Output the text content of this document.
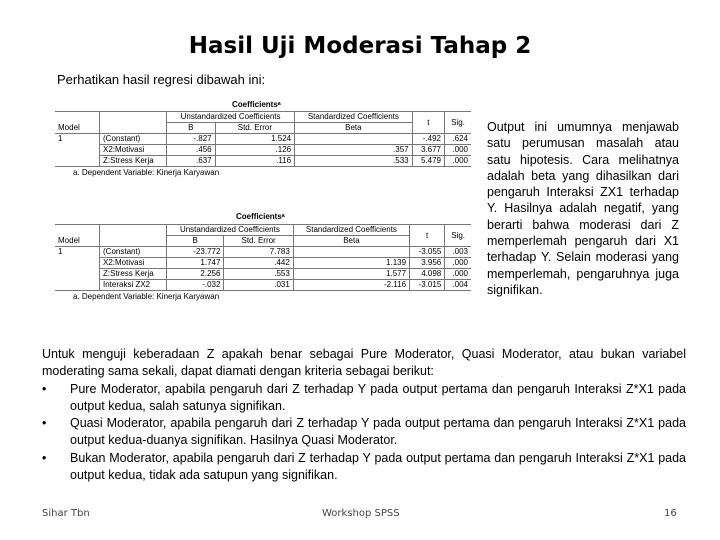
Hasil Uji Moderasi Tahap 2
Perhatikan hasil regresi dibawah ini:
Coefficientsᵃ
Model		Unstandardized Coefficients		Standardized Coefficients	t	Sig.
		B	Std. Error	Beta		
1	(Constant)	-.827	1.524		-.492	.624
	X2:Motivasi	.456	.126	.357	3.677	.000
	Z:Stress Kerja	.637	.116	.533	5.479	.000
a. Dependent Variable: Kinerja Karyawan
Coefficientsᵃ
Model		Unstandardized Coefficients		Standardized Coefficients	t	Sig.
		B	Std. Error	Beta		
1	(Constant)	-23.772	7.783		-3.055	.003
	X2:Motivasi	1.747	.442	1.139	3.956	.000
	Z:Stress Kerja	2.256	.553	1.577	4.098	.000
	Interaksi ZX2	-.032	.031	-2.116	-3.015	.004
a. Dependent Variable: Kinerja Karyawan
Output ini umumnya menjawab satu perumusan masalah atau satu hipotesis. Cara melihatnya adalah beta yang dihasilkan dari pengaruh Interaksi ZX1 terhadap Y. Hasilnya adalah negatif, yang berarti bahwa moderasi dari Z memperlemah pengaruh dari X1 terhadap Y. Selain moderasi yang memperlemah, pengaruhnya juga signifikan.

Untuk menguji keberadaan Z apakah benar sebagai Pure Moderator, Quasi Moderator, atau bukan variabel moderating sama sekali, dapat diamati dengan kriteria sebagai berikut:

•	Pure Moderator, apabila pengaruh dari Z terhadap Y pada output pertama dan pengaruh Interaksi Z*X1 pada output kedua, salah satunya signifikan.
•	Quasi Moderator, apabila pengaruh dari Z terhadap Y pada output pertama dan pengaruh Interaksi Z*X1 pada output kedua-duanya signifikan. Hasilnya Quasi Moderator.
•	Bukan Moderator, apabila pengaruh dari Z terhadap Y pada output pertama dan pengaruh Interaksi Z*X1 pada output kedua, tidak ada satupun yang signifikan.
Sihar Tbn	Workshop SPSS	16
